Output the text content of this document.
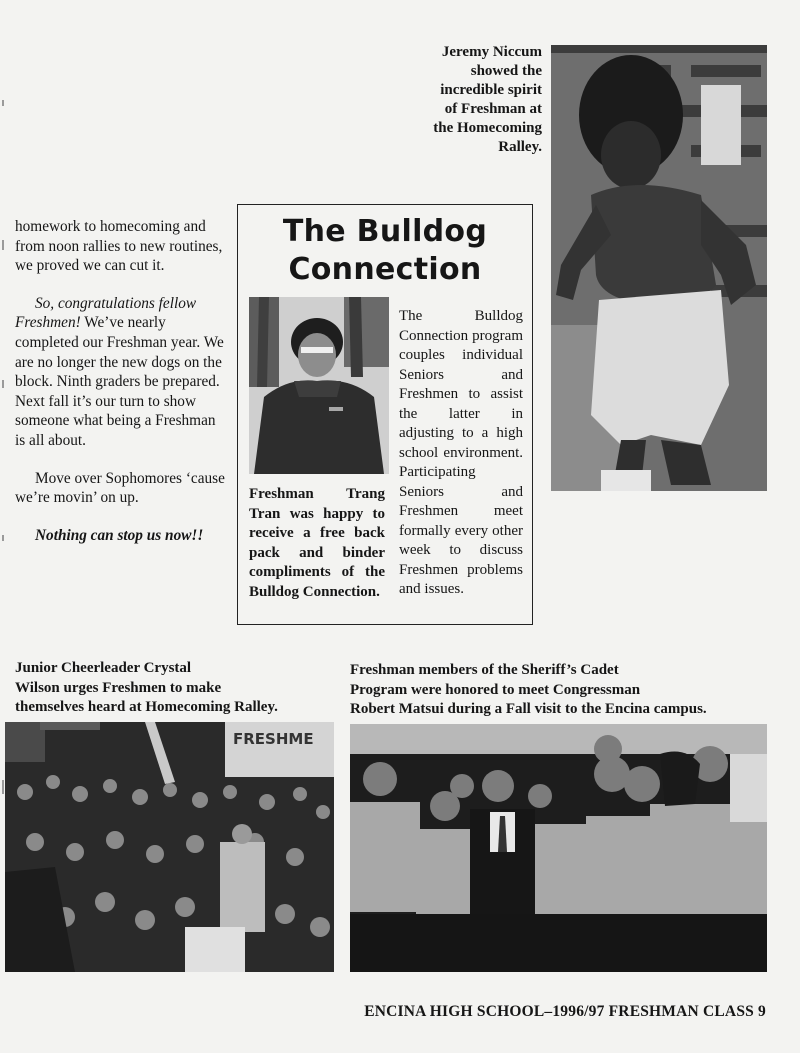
Jeremy Niccum
showed the
incredible spirit
of Freshman at
the Homecoming
Ralley.

homework to homecoming and from noon rallies to new routines, we proved we can cut it.

So, congratulations fellow Freshmen! We’ve nearly completed our Freshman year. We are no longer the new dogs on the block. Ninth graders be prepared. Next fall it’s our turn to show someone what being a Freshman is all about.

Move over Sophomores ‘cause we’re movin’ on up.

Nothing can stop us now!!

The Bulldog
Connection
Freshman Trang Tran was happy to receive a free back pack and binder compliments of the Bulldog Connection.
The Bulldog Connection program couples individual Seniors and Freshmen to assist the latter in adjusting to a high school environment. Participating Seniors and Freshmen meet formally every other week to discuss Freshmen problems and issues.
Junior Cheerleader Crystal
Wilson urges Freshmen to make
themselves heard at Homecoming Ralley.
Freshman members of the Sheriff’s Cadet
Program were honored to meet Congressman
Robert Matsui during a Fall visit to the Encina campus.
FRESHME
ENCINA HIGH SCHOOL–1996/97 FRESHMAN CLASS 9
